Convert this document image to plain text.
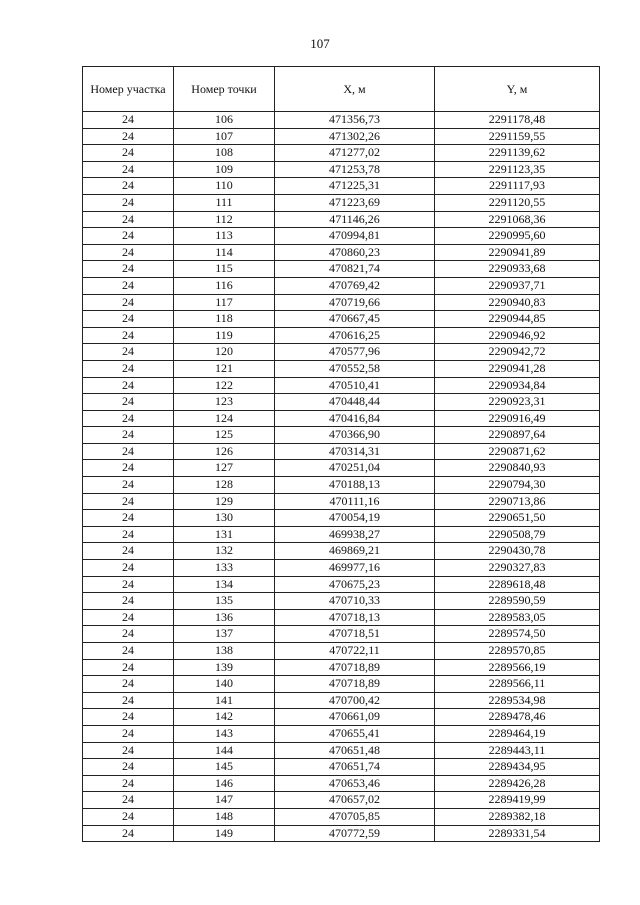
107
Номер участка	Номер точки	X, м	Y, м
24	106	471356,73	2291178,48
24	107	471302,26	2291159,55
24	108	471277,02	2291139,62
24	109	471253,78	2291123,35
24	110	471225,31	2291117,93
24	111	471223,69	2291120,55
24	112	471146,26	2291068,36
24	113	470994,81	2290995,60
24	114	470860,23	2290941,89
24	115	470821,74	2290933,68
24	116	470769,42	2290937,71
24	117	470719,66	2290940,83
24	118	470667,45	2290944,85
24	119	470616,25	2290946,92
24	120	470577,96	2290942,72
24	121	470552,58	2290941,28
24	122	470510,41	2290934,84
24	123	470448,44	2290923,31
24	124	470416,84	2290916,49
24	125	470366,90	2290897,64
24	126	470314,31	2290871,62
24	127	470251,04	2290840,93
24	128	470188,13	2290794,30
24	129	470111,16	2290713,86
24	130	470054,19	2290651,50
24	131	469938,27	2290508,79
24	132	469869,21	2290430,78
24	133	469977,16	2290327,83
24	134	470675,23	2289618,48
24	135	470710,33	2289590,59
24	136	470718,13	2289583,05
24	137	470718,51	2289574,50
24	138	470722,11	2289570,85
24	139	470718,89	2289566,19
24	140	470718,89	2289566,11
24	141	470700,42	2289534,98
24	142	470661,09	2289478,46
24	143	470655,41	2289464,19
24	144	470651,48	2289443,11
24	145	470651,74	2289434,95
24	146	470653,46	2289426,28
24	147	470657,02	2289419,99
24	148	470705,85	2289382,18
24	149	470772,59	2289331,54
